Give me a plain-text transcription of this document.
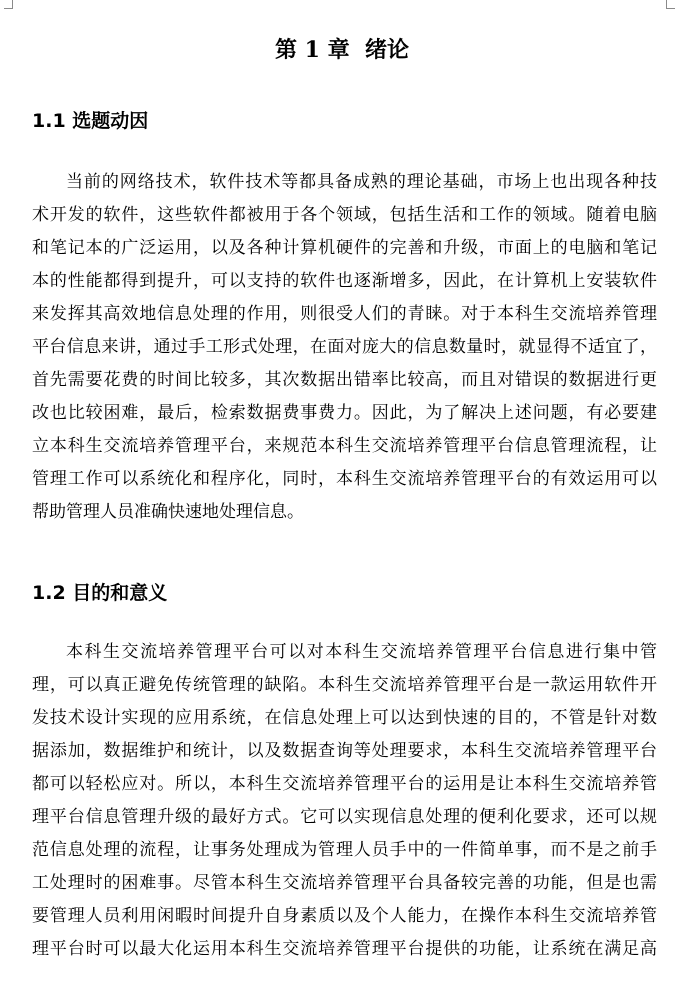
第 1 章  绪论
1.1 选题动因
当前的网络技术，软件技术等都具备成熟的理论基础，市场上也出现各种技
术开发的软件，这些软件都被用于各个领域，包括生活和工作的领域。随着电脑
和笔记本的广泛运用，以及各种计算机硬件的完善和升级，市面上的电脑和笔记
本的性能都得到提升，可以支持的软件也逐渐增多，因此，在计算机上安装软件
来发挥其高效地信息处理的作用，则很受人们的青睐。对于本科生交流培养管理
平台信息来讲，通过手工形式处理，在面对庞大的信息数量时，就显得不适宜了，
首先需要花费的时间比较多，其次数据出错率比较高，而且对错误的数据进行更
改也比较困难，最后，检索数据费事费力。因此，为了解决上述问题，有必要建
立本科生交流培养管理平台，来规范本科生交流培养管理平台信息管理流程，让
管理工作可以系统化和程序化，同时，本科生交流培养管理平台的有效运用可以
帮助管理人员准确快速地处理信息。
1.2 目的和意义
本科生交流培养管理平台可以对本科生交流培养管理平台信息进行集中管
理，可以真正避免传统管理的缺陷。本科生交流培养管理平台是一款运用软件开
发技术设计实现的应用系统，在信息处理上可以达到快速的目的，不管是针对数
据添加，数据维护和统计，以及数据查询等处理要求，本科生交流培养管理平台
都可以轻松应对。所以，本科生交流培养管理平台的运用是让本科生交流培养管
理平台信息管理升级的最好方式。它可以实现信息处理的便利化要求，还可以规
范信息处理的流程，让事务处理成为管理人员手中的一件简单事，而不是之前手
工处理时的困难事。尽管本科生交流培养管理平台具备较完善的功能，但是也需
要管理人员利用闲暇时间提升自身素质以及个人能力，在操作本科生交流培养管
理平台时可以最大化运用本科生交流培养管理平台提供的功能，让系统在满足高
